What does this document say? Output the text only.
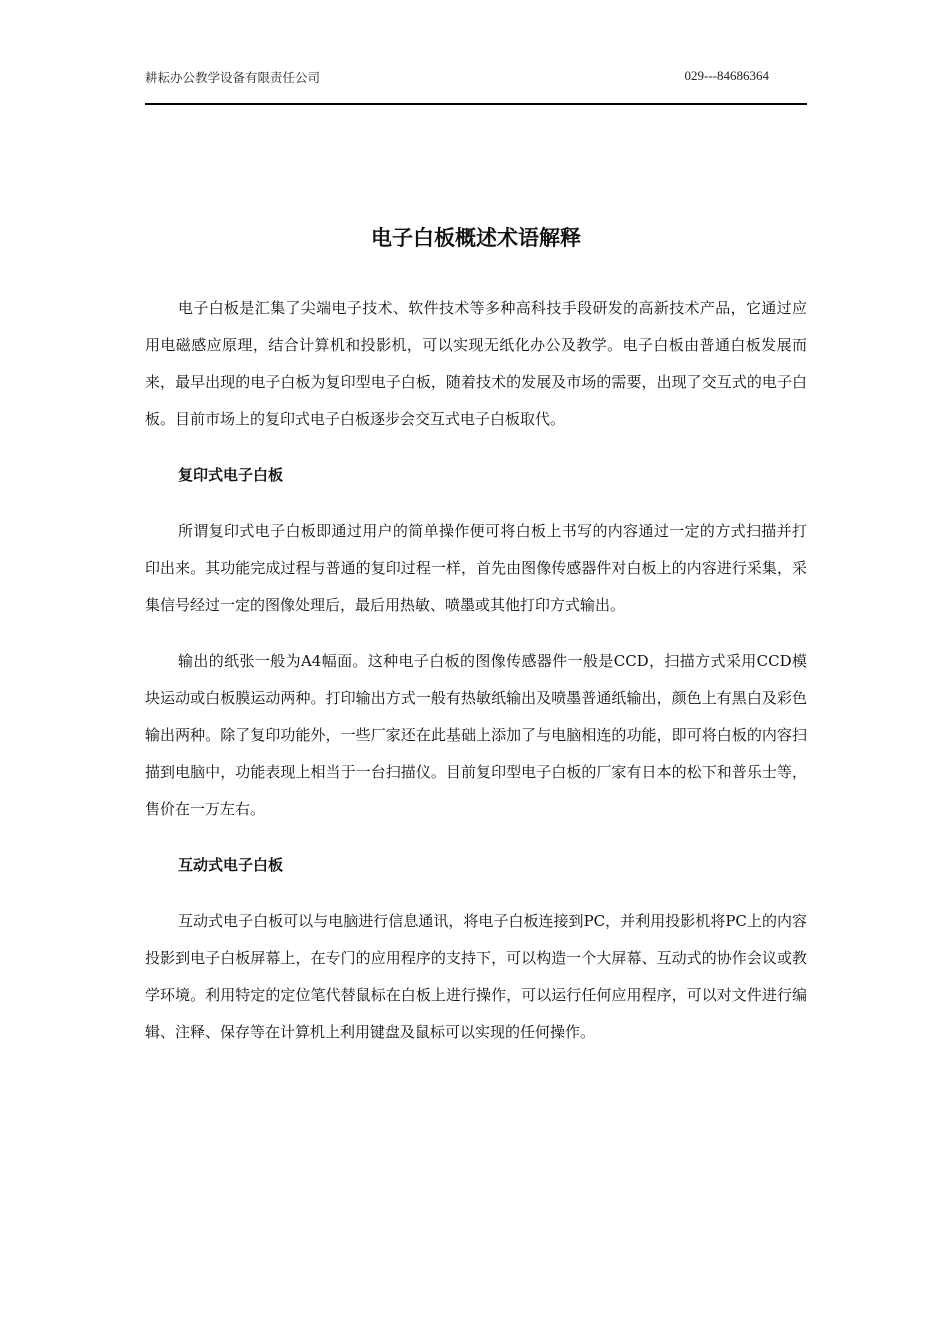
耕耘办公教学设备有限责任公司	029---84686364
电子白板概述术语解释

电子白板是汇集了尖端电子技术、软件技术等多种高科技手段研发的高新技术产品，它通过应用电磁感应原理，结合计算机和投影机，可以实现无纸化办公及教学。电子白板由普通白板发展而来，最早出现的电子白板为复印型电子白板，随着技术的发展及市场的需要，出现了交互式的电子白板。目前市场上的复印式电子白板逐步会交互式电子白板取代。

复印式电子白板

所谓复印式电子白板即通过用户的简单操作便可将白板上书写的内容通过一定的方式扫描并打印出来。其功能完成过程与普通的复印过程一样，首先由图像传感器件对白板上的内容进行采集，采集信号经过一定的图像处理后，最后用热敏、喷墨或其他打印方式输出。

输出的纸张一般为A4幅面。这种电子白板的图像传感器件一般是CCD，扫描方式采用CCD模块运动或白板膜运动两种。打印输出方式一般有热敏纸输出及喷墨普通纸输出，颜色上有黑白及彩色输出两种。除了复印功能外，一些厂家还在此基础上添加了与电脑相连的功能，即可将白板的内容扫描到电脑中，功能表现上相当于一台扫描仪。目前复印型电子白板的厂家有日本的松下和普乐士等，售价在一万左右。

互动式电子白板

互动式电子白板可以与电脑进行信息通讯，将电子白板连接到PC，并利用投影机将PC上的内容投影到电子白板屏幕上，在专门的应用程序的支持下，可以构造一个大屏幕、互动式的协作会议或教学环境。利用特定的定位笔代替鼠标在白板上进行操作，可以运行任何应用程序，可以对文件进行编辑、注释、保存等在计算机上利用键盘及鼠标可以实现的任何操作。
